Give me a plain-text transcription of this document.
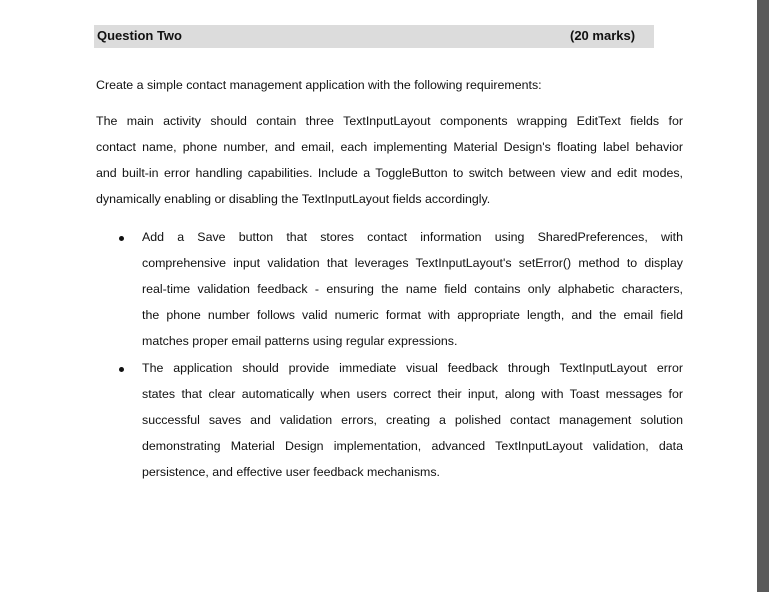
Question Two	(20 marks)
Create a simple contact management application with the following requirements:
The main activity should contain three TextInputLayout components wrapping EditText fields for
contact name, phone number, and email, each implementing Material Design's floating label behavior
and built-in error handling capabilities. Include a ToggleButton to switch between view and edit modes,
dynamically enabling or disabling the TextInputLayout fields accordingly.
Add a Save button that stores contact information using SharedPreferences, with
comprehensive input validation that leverages TextInputLayout's setError() method to display
real-time validation feedback - ensuring the name field contains only alphabetic characters,
the phone number follows valid numeric format with appropriate length, and the email field
matches proper email patterns using regular expressions.
The application should provide immediate visual feedback through TextInputLayout error
states that clear automatically when users correct their input, along with Toast messages for
successful saves and validation errors, creating a polished contact management solution
demonstrating Material Design implementation, advanced TextInputLayout validation, data
persistence, and effective user feedback mechanisms.
